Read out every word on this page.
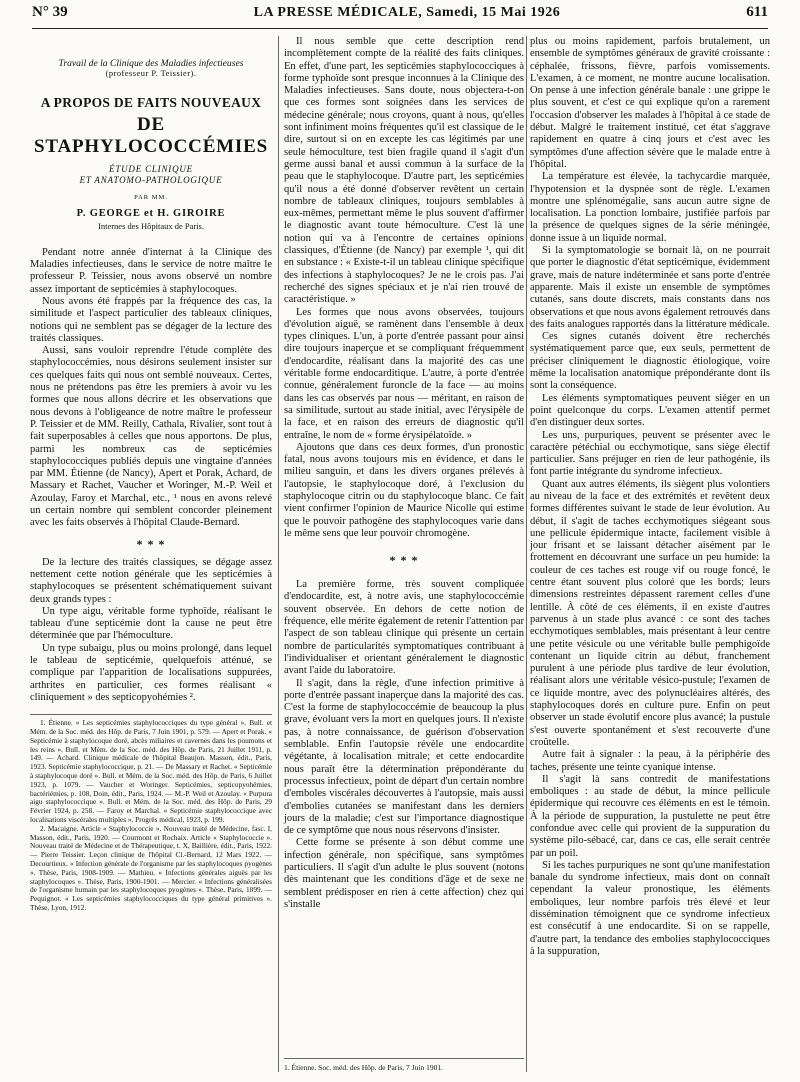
N° 39	LA PRESSE MÉDICALE, Samedi, 15 Mai 1926	611
Travail de la Clinique des Maladies infectieuses
(professeur P. Teissier).
A PROPOS DE FAITS NOUVEAUX
DE STAPHYLOCOCCÉMIES
ÉTUDE CLINIQUE
ET ANATOMO-PATHOLOGIQUE
PAR MM.
P. GEORGE et H. GIROIRE
Internes des Hôpitaux de Paris.

Pendant notre année d'internat à la Clinique des Maladies infectieuses, dans le service de notre maître le professeur P. Teissier, nous avons observé un nombre assez important de septicémies à staphylocoques.

Nous avons été frappés par la fréquence des cas, la similitude et l'aspect particulier des tableaux cliniques, notions qui ne semblent pas se dégager de la lecture des traités classiques.

Aussi, sans vouloir reprendre l'étude complète des staphylococcémies, nous désirons seulement insister sur ces quelques faits qui nous ont semblé nouveaux. Certes, nous ne prétendons pas être les premiers à avoir vu les formes que nous allons décrire et les observations que nous devons à l'obligeance de notre maître le professeur P. Teissier et de MM. Reilly, Cathala, Rivalier, sont tout à fait superposables à celles que nous apportons. De plus, parmi les nombreux cas de septicémies staphylococciques publiés depuis une vingtaine d'années par MM. Étienne (de Nancy), Apert et Porak, Achard, de Massary et Rachet, Vaucher et Woringer, M.-P. Weil et Azoulay, Faroy et Marchal, etc., ¹ nous en avons relevé un certain nombre qui semblent concorder pleinement avec les faits observés à l'hôpital Claude-Bernard.

* * *

De la lecture des traités classiques, se dégage assez nettement cette notion générale que les septicémies à staphylocoques se présentent schématiquement suivant deux grands types :

Un type aigu, véritable forme typhoïde, réalisant le tableau d'une septicémie dont la cause ne peut être déterminée que par l'hémoculture.

Un type subaigu, plus ou moins prolongé, dans lequel le tableau de septicémie, quelquefois atténué, se complique par l'apparition de localisations suppurées, arthrites en particulier, ces formes réalisant « cliniquement » des septicopyohémies ².

1. Étienne. « Les septicémies staphylococciques du type général ». Bull. et Mém. de la Soc. méd. des Hôp. de Paris, 7 Juin 1901, p. 579. — Apert et Porak. « Septicémie à staphylocoque doré, abcès miliaires et cavernes dans les poumons et les reins ». Bull. et Mém. de la Soc. méd. des Hôp. de Paris, 21 Juillet 1911, p. 149. — Achard. Clinique médicale de l'hôpital Beaujon. Masson, édit., Paris, 1923. Septicémie staphylococcique, p. 21. — De Massary et Rachet. « Septicémie à staphylocoque doré ». Bull. et Mém. de la Soc. méd. des Hôp. de Paris, 6 Juillet 1923, p. 1079. — Vaucher et Woringer. Septicémies, septicopyohémies, bactériémies, p. 108, Doin, édit., Paris, 1924. — M.-P. Weil et Azoulay. « Purpura aigu staphylococcique ». Bull. et Mém. de la Soc. méd. des Hôp. de Paris, 29 Février 1924, p. 258. — Faroy et Marchal. « Septicémie staphylococcique avec localisations viscérales multiples ». Progrès médical, 1923, p. 199.

2. Macaigne. Article « Staphylococcie ». Nouveau traité de Médecine, fasc. I, Masson, édit., Paris, 1920. — Courmont et Rochaix. Article « Staphylococcie ». Nouveau traité de Médecine et de Thérapeutique, t. X, Baillière, édit., Paris, 1922. — Pierre Teissier. Leçon clinique de l'hôpital Cl.-Bernard, 12 Mars 1922. — Decourtieux. « Infection générale de l'organisme par les staphylocoques pyogènes ». Thèse, Paris, 1908-1909. — Mathieu. « Infections générales aiguës par les staphylocoques ». Thèse, Paris, 1900-1901. — Mercier. « Infections généralisées de l'organisme humain par les staphylocoques pyogènes ». Thèse, Paris, 1899. — Pequignot. « Les septicémies staphylococciques du type général primitives ». Thèse, Lyon, 1912.

Il nous semble que cette description rend incomplètement compte de la réalité des faits cliniques. En effet, d'une part, les septicémies staphylococciques à forme typhoïde sont presque inconnues à la Clinique des Maladies infectieuses. Sans doute, nous objectera-t-on que ces formes sont soignées dans les services de médecine générale; nous croyons, quant à nous, qu'elles sont infiniment moins fréquentes qu'il est classique de le dire, surtout si on en excepte les cas légitimés par une seule hémoculture, test bien fragile quand il s'agit d'un germe aussi banal et aussi commun à la surface de la peau que le staphylocoque. D'autre part, les septicémies qu'il nous a été donné d'observer revêtent un certain nombre de tableaux cliniques, toujours semblables à eux-mêmes, permettant même le plus souvent d'affirmer le diagnostic avant toute hémoculture. C'est là une notion qui va à l'encontre de certaines opinions classiques, d'Étienne (de Nancy) par exemple ¹, qui dit en substance : « Existe-t-il un tableau clinique spécifique des infections à staphylocoques? Je ne le crois pas. J'ai recherché des signes spéciaux et je n'ai rien trouvé de caractéristique. »

Les formes que nous avons observées, toujours d'évolution aiguë, se ramènent dans l'ensemble à deux types cliniques. L'un, à porte d'entrée passant pour ainsi dire toujours inaperçue et se compliquant fréquemment d'endocardite, réalisant dans la majorité des cas une véritable forme endocarditique. L'autre, à porte d'entrée connue, généralement furoncle de la face — au moins dans les cas observés par nous — méritant, en raison de sa similitude, surtout au stade initial, avec l'érysipèle de la face, et en raison des erreurs de diagnostic qu'il entraîne, le nom de « forme érysipélatoïde. »

Ajoutons que dans ces deux formes, d'un pronostic fatal, nous avons toujours mis en évidence, et dans le milieu sanguin, et dans les divers organes prélevés à l'autopsie, le staphylocoque doré, à l'exclusion du staphylocoque citrin ou du staphylocoque blanc. Ce fait vient confirmer l'opinion de Maurice Nicolle qui estime que le pouvoir pathogène des staphylocoques varie dans le même sens que leur pouvoir chromogène.

* * *

La première forme, très souvent compliquée d'endocardite, est, à notre avis, une staphylococcémie souvent observée. En dehors de cette notion de fréquence, elle mérite également de retenir l'attention par l'aspect de son tableau clinique qui présente un certain nombre de particularités symptomatiques contribuant à l'individualiser et orientant généralement le diagnostic avant l'aide du laboratoire.

Il s'agit, dans la règle, d'une infection primitive à porte d'entrée passant inaperçue dans la majorité des cas. C'est la forme de staphylococcémie de beaucoup la plus grave, évoluant vers la mort en quelques jours. Il n'existe pas, à notre connaissance, de guérison d'observation semblable. Enfin l'autopsie révèle une endocardite végétante, à localisation mitrale; et cette endocardite nous paraît être la détermination prépondérante du processus infectieux, point de départ d'un certain nombre d'emboles viscérales découvertes à l'autopsie, mais aussi d'embolies cutanées se manifestant dans les derniers jours de la maladie; c'est sur l'importance diagnostique de ce symptôme que nous nous réservons d'insister.

Cette forme se présente à son début comme une infection générale, non spécifique, sans symptômes particuliers. Il s'agit d'un adulte le plus souvent (notons dès maintenant que les conditions d'âge et de sexe ne semblent prédisposer en rien à cette affection) chez qui s'installe

1. Étienne. Soc. méd. des Hôp. de Paris, 7 Juin 1901.

plus ou moins rapidement, parfois brutalement, un ensemble de symptômes généraux de gravité croissante : céphalée, frissons, fièvre, parfois vomissements. L'examen, à ce moment, ne montre aucune localisation. On pense à une infection générale banale : une grippe le plus souvent, et c'est ce qui explique qu'on a rarement l'occasion d'observer les malades à l'hôpital à ce stade de début. Malgré le traitement institué, cet état s'aggrave rapidement en quatre à cinq jours et c'est avec les symptômes d'une affection sévère que le malade entre à l'hôpital.

La température est élevée, la tachycardie marquée, l'hypotension et la dyspnée sont de règle. L'examen montre une splénomégalie, sans aucun autre signe de localisation. La ponction lombaire, justifiée parfois par la présence de quelques signes de la série méningée, donne issue à un liquide normal.

Si la symptomatologie se bornait là, on ne pourrait que porter le diagnostic d'état septicémique, évidemment grave, mais de nature indéterminée et sans porte d'entrée apparente. Mais il existe un ensemble de symptômes cutanés, sans doute discrets, mais constants dans nos observations et que nous avons également retrouvés dans des faits analogues rapportés dans la littérature médicale.

Ces signes cutanés doivent être recherchés systématiquement parce que, eux seuls, permettent de préciser cliniquement le diagnostic étiologique, voire même la localisation anatomique prépondérante dont ils sont la conséquence.

Les éléments symptomatiques peuvent siéger en un point quelconque du corps. L'examen attentif permet d'en distinguer deux sortes.

Les uns, purpuriques, peuvent se présenter avec le caractère pétéchial ou ecchymotique, sans siège électif particulier. Sans préjuger en rien de leur pathogénie, ils font partie intégrante du syndrome infectieux.

Quant aux autres éléments, ils siègent plus volontiers au niveau de la face et des extrémités et revêtent deux formes différentes suivant le stade de leur évolution. Au début, il s'agit de taches ecchymotiques siégeant sous une pellicule épidermique intacte, facilement visible à jour frisant et se laissant détacher aisément par le frottement en découvrant une surface un peu humide: la couleur de ces taches est rouge vif ou rouge foncé, le centre étant souvent plus coloré que les bords; leurs dimensions restreintes dépassent rarement celles d'une lentille. À côté de ces éléments, il en existe d'autres parvenus à un stade plus avancé : ce sont des taches ecchymotiques semblables, mais présentant à leur centre une petite vésicule ou une véritable bulle pemphigoïde contenant un liquide citrin au début, franchement purulent à une période plus tardive de leur évolution, réalisant alors une véritable vésico-pustule; l'examen de ce liquide montre, avec des polynucléaires altérés, des staphylocoques dorés en culture pure. Enfin on peut observer un stade évolutif encore plus avancé; la pustule s'est ouverte spontanément et s'est recouverte d'une croûtelle.

Autre fait à signaler : la peau, à la périphérie des taches, présente une teinte cyanique intense.

Il s'agit là sans contredit de manifestations emboliques : au stade de début, la mince pellicule épidermique qui recouvre ces éléments en est le témoin. À la période de suppuration, la pustulette ne peut être confondue avec celle qui provient de la suppuration du système pilo-sébacé, car, dans ce cas, elle serait centrée par un poil.

Si les taches purpuriques ne sont qu'une manifestation banale du syndrome infectieux, mais dont on connaît cependant la valeur pronostique, les éléments emboliques, leur nombre parfois très élevé et leur dissémination témoignent que ce syndrome infectieux est consécutif à une endocardite. Si on se rappelle, d'autre part, la tendance des embolies staphylococciques à la suppuration,
